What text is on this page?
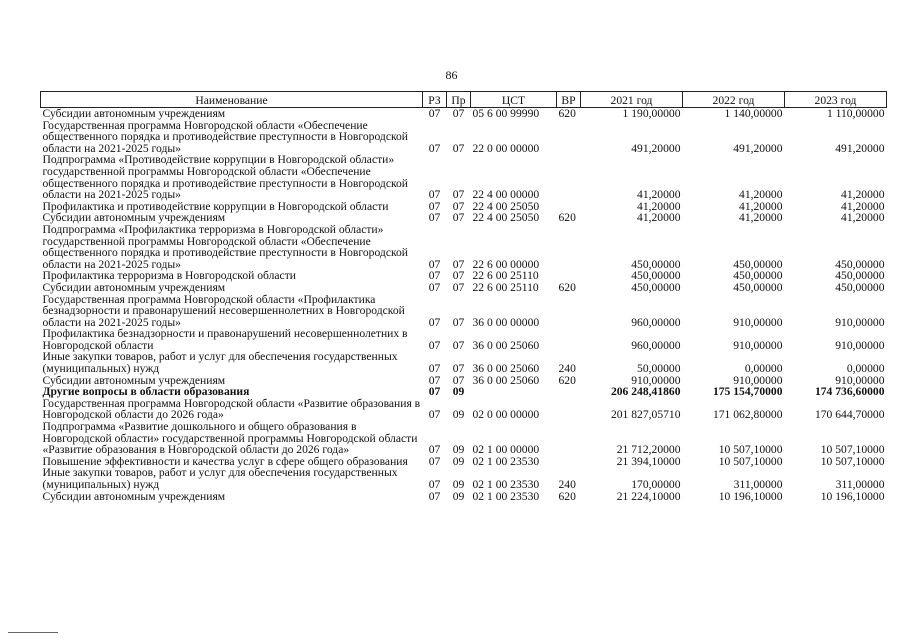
86
Наименование	РЗ	Пр	ЦСТ	ВР	2021 год	2022 год	2023 год
Субсидии автономным учреждениям	07	07	05 6 00 99990	620	1 190,00000	1 140,00000	1 110,00000
Государственная программа Новгородской области «Обеспечение общественного порядка и противодействие преступности в Новгородской области на 2021-2025 годы»	07	07	22 0 00 00000		491,20000	491,20000	491,20000
Подпрограмма «Противодействие коррупции в Новгородской области» государственной программы Новгородской области «Обеспечение общественного порядка и противодействие преступности в Новгородской области на 2021-2025 годы»	07	07	22 4 00 00000		41,20000	41,20000	41,20000
Профилактика и противодействие коррупции в Новгородской области	07	07	22 4 00 25050		41,20000	41,20000	41,20000
Субсидии автономным учреждениям	07	07	22 4 00 25050	620	41,20000	41,20000	41,20000
Подпрограмма «Профилактика терроризма в Новгородской области» государственной программы Новгородской области «Обеспечение общественного порядка и противодействие преступности в Новгородской области на 2021-2025 годы»	07	07	22 6 00 00000		450,00000	450,00000	450,00000
Профилактика терроризма в Новгородской области	07	07	22 6 00 25110		450,00000	450,00000	450,00000
Субсидии автономным учреждениям	07	07	22 6 00 25110	620	450,00000	450,00000	450,00000
Государственная программа Новгородской области «Профилактика безнадзорности и правонарушений несовершеннолетних в Новгородской области на 2021-2025 годы»	07	07	36 0 00 00000		960,00000	910,00000	910,00000
Профилактика безнадзорности и правонарушений несовершеннолетних в Новгородской области	07	07	36 0 00 25060		960,00000	910,00000	910,00000
Иные закупки товаров, работ и услуг для обеспечения государственных (муниципальных) нужд	07	07	36 0 00 25060	240	50,00000	0,00000	0,00000
Субсидии автономным учреждениям	07	07	36 0 00 25060	620	910,00000	910,00000	910,00000
Другие вопросы в области образования	07	09			206 248,41860	175 154,70000	174 736,60000
Государственная программа Новгородской области «Развитие образования в Новгородской области до 2026 года»	07	09	02 0 00 00000		201 827,05710	171 062,80000	170 644,70000
Подпрограмма «Развитие дошкольного и общего образования в Новгородской области» государственной программы Новгородской области «Развитие образования в Новгородской области до 2026 года»	07	09	02 1 00 00000		21 712,20000	10 507,10000	10 507,10000
Повышение эффективности и качества услуг в сфере общего образования	07	09	02 1 00 23530		21 394,10000	10 507,10000	10 507,10000
Иные закупки товаров, работ и услуг для обеспечения государственных (муниципальных) нужд	07	09	02 1 00 23530	240	170,00000	311,00000	311,00000
Субсидии автономным учреждениям	07	09	02 1 00 23530	620	21 224,10000	10 196,10000	10 196,10000
